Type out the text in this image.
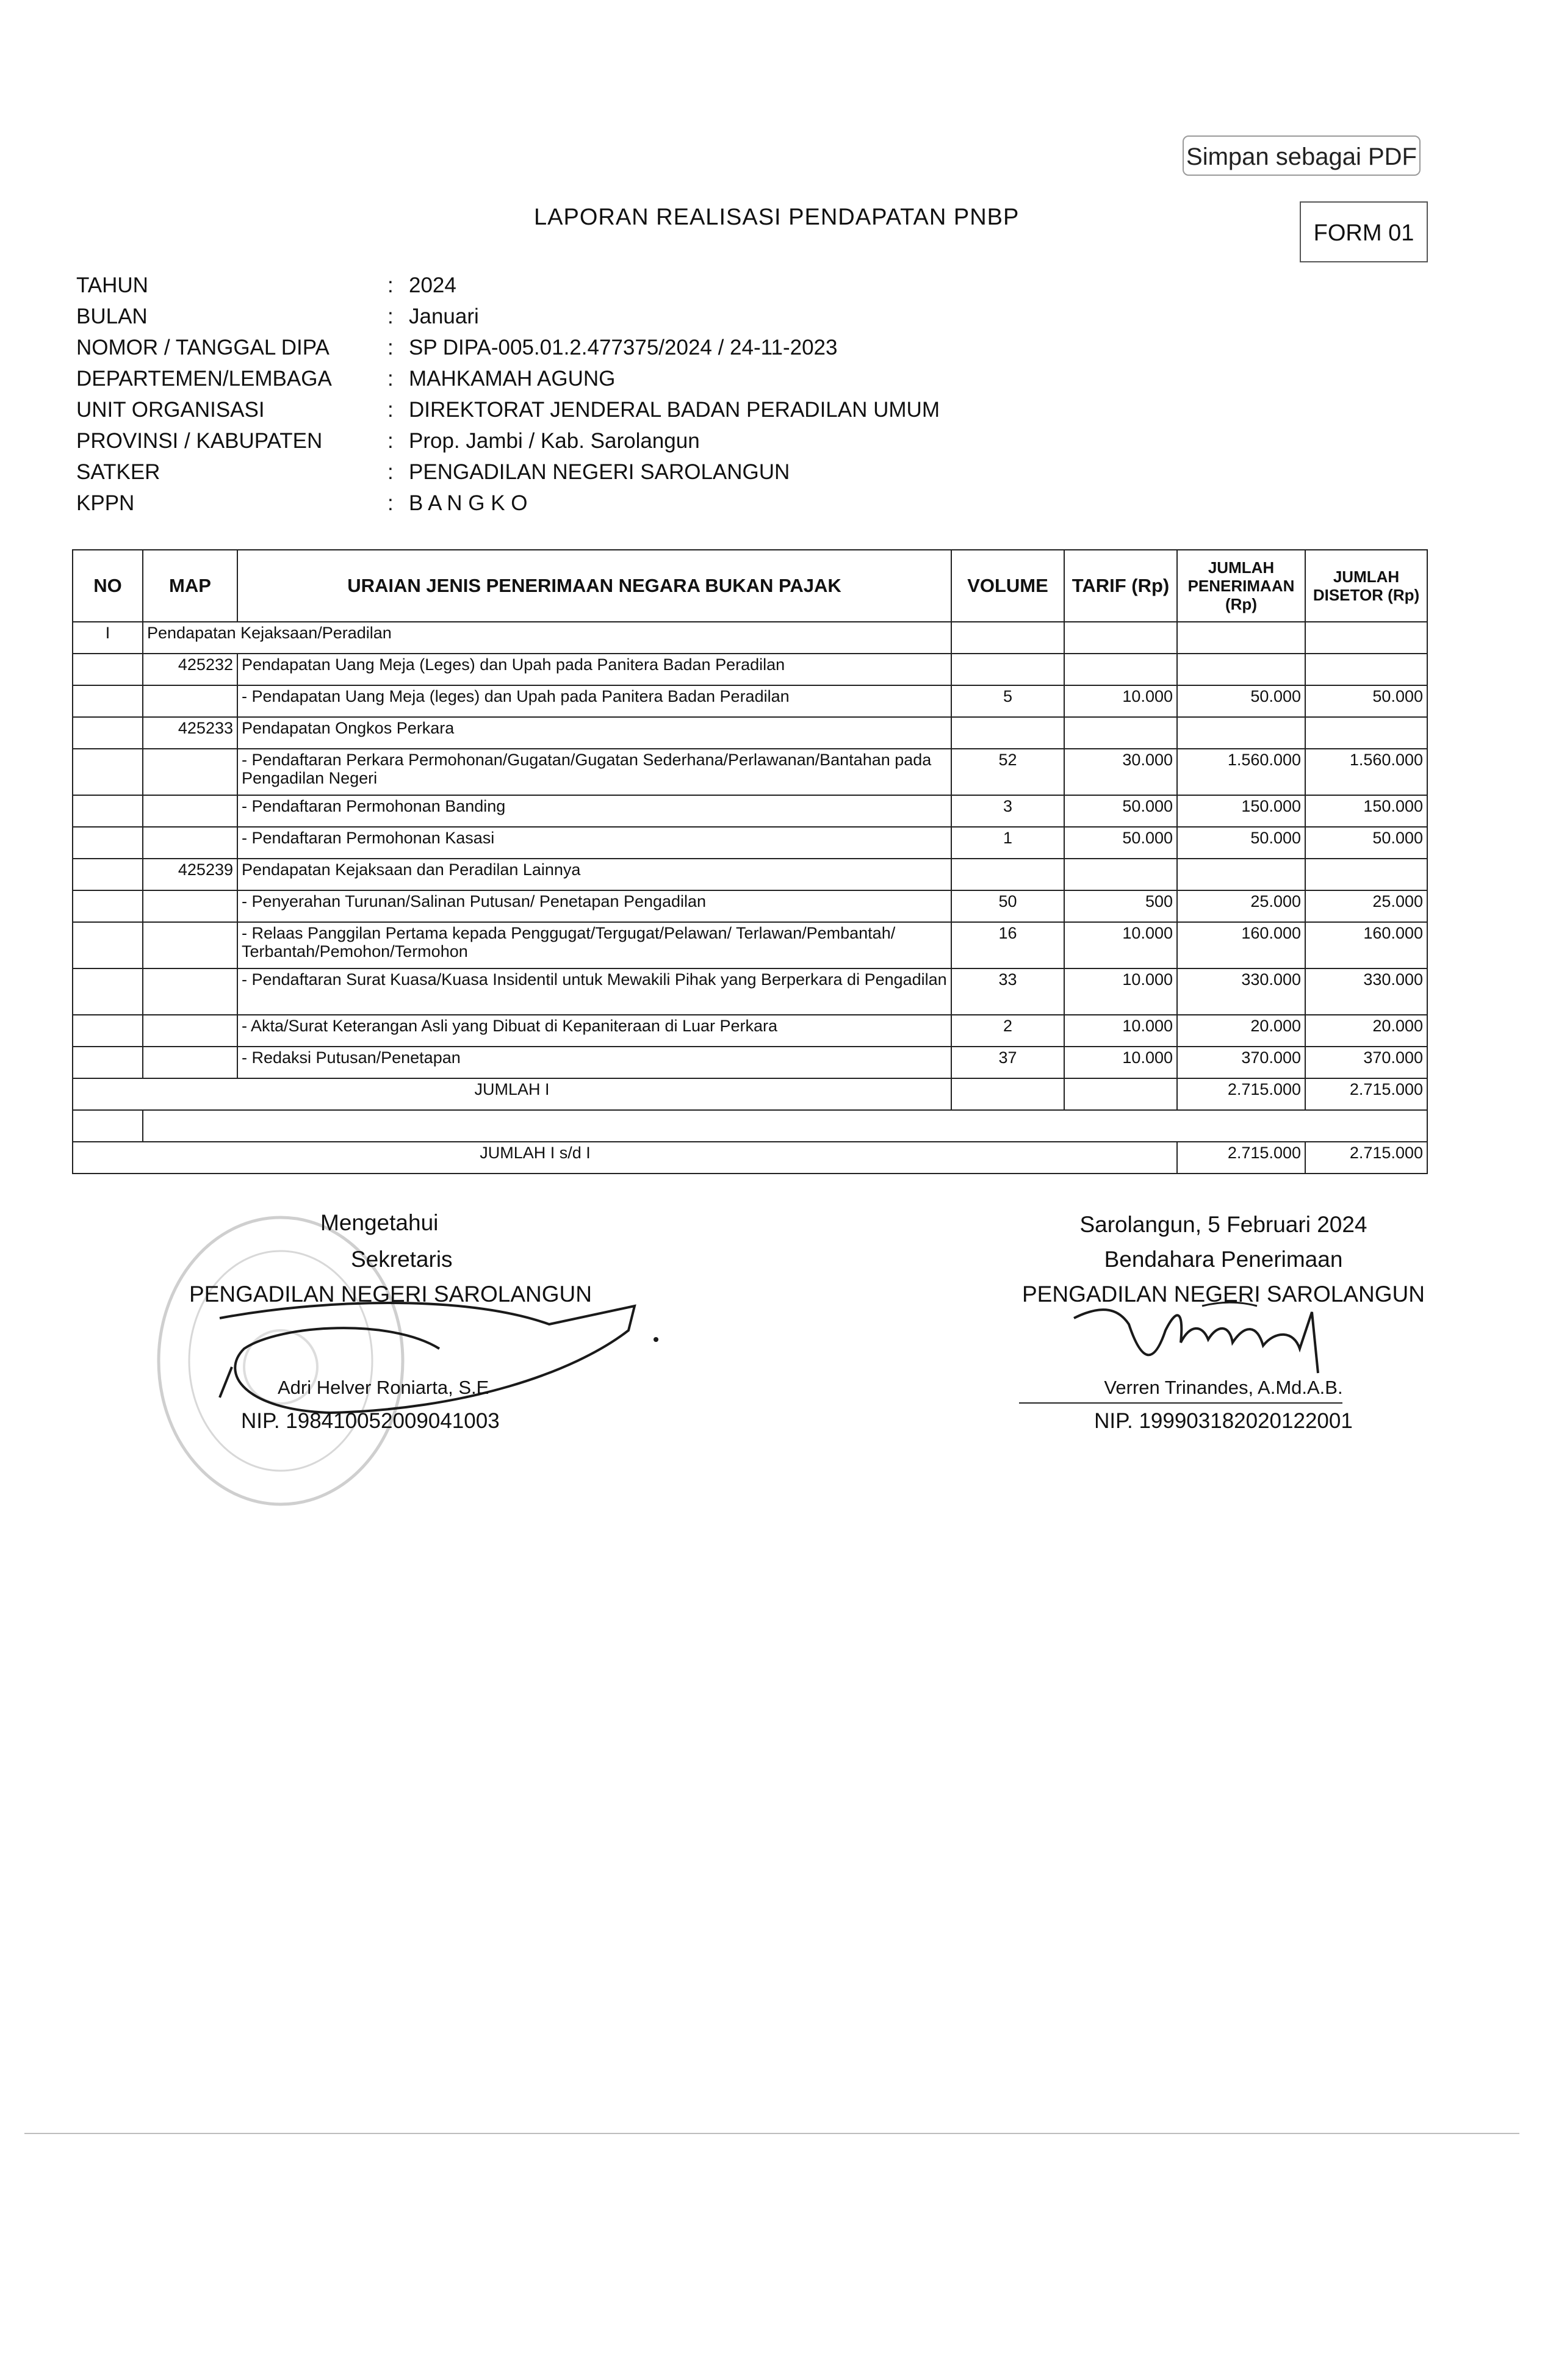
Simpan sebagai PDF
LAPORAN REALISASI PENDAPATAN PNBP
FORM 01
TAHUN	: 2024
BULAN	: Januari
NOMOR / TANGGAL DIPA	: SP DIPA-005.01.2.477375/2024 / 24-11-2023
DEPARTEMEN/LEMBAGA	: MAHKAMAH AGUNG
UNIT ORGANISASI	: DIREKTORAT JENDERAL BADAN PERADILAN UMUM
PROVINSI / KABUPATEN	: Prop. Jambi / Kab. Sarolangun
SATKER	: PENGADILAN NEGERI SAROLANGUN
KPPN	: B A N G K O
NO	MAP	URAIAN JENIS PENERIMAAN NEGARA BUKAN PAJAK	VOLUME	TARIF (Rp)	JUMLAH PENERIMAAN (Rp)	JUMLAH DISETOR (Rp)
I	Pendapatan Kejaksaan/Peradilan					
	425232	Pendapatan Uang Meja (Leges) dan Upah pada Panitera Badan Peradilan				
		- Pendapatan Uang Meja (leges) dan Upah pada Panitera Badan Peradilan	5	10.000	50.000	50.000
	425233	Pendapatan Ongkos Perkara				
		- Pendaftaran Perkara Permohonan/Gugatan/Gugatan Sederhana/Perlawanan/Bantahan pada Pengadilan Negeri	52	30.000	1.560.000	1.560.000
		- Pendaftaran Permohonan Banding	3	50.000	150.000	150.000
		- Pendaftaran Permohonan Kasasi	1	50.000	50.000	50.000
	425239	Pendapatan Kejaksaan dan Peradilan Lainnya				
		- Penyerahan Turunan/Salinan Putusan/ Penetapan Pengadilan	50	500	25.000	25.000
		- Relaas Panggilan Pertama kepada Penggugat/Tergugat/Pelawan/ Terlawan/Pembantah/ Terbantah/Pemohon/Termohon	16	10.000	160.000	160.000
		- Pendaftaran Surat Kuasa/Kuasa Insidentil untuk Mewakili Pihak yang Berperkara di Pengadilan	33	10.000	330.000	330.000
		- Akta/Surat Keterangan Asli yang Dibuat di Kepaniteraan di Luar Perkara	2	10.000	20.000	20.000
		- Redaksi Putusan/Penetapan	37	10.000	370.000	370.000
JUMLAH I					2.715.000	2.715.000

JUMLAH I s/d I					2.715.000	2.715.000
Mengetahui
Sekretaris
PENGADILAN NEGERI SAROLANGUN
Adri Helver Roniarta, S.E
NIP. 198410052009041003
Sarolangun, 5 Februari 2024
Bendahara Penerimaan
PENGADILAN NEGERI SAROLANGUN
Verren Trinandes, A.Md.A.B.
NIP. 199903182020122001
